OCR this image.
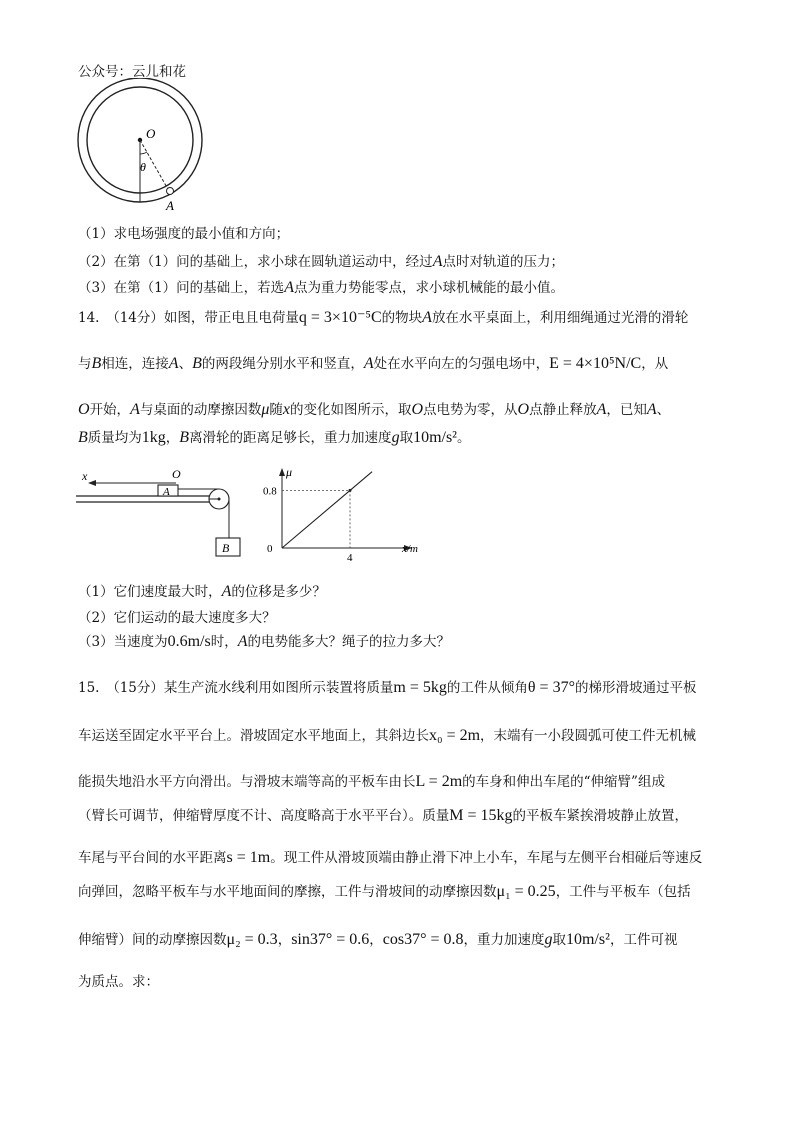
公众号：云儿和花
O
θ
A
（1）求电场强度的最小值和方向；
（2）在第（1）问的基础上，求小球在圆轨道运动中，经过A点时对轨道的压力；
（3）在第（1）问的基础上，若选A点为重力势能零点，求小球机械能的最小值。
14.　（14分）如图，带正电且电荷量q = 3×10⁻⁵C的物块A放在水平桌面上，利用细绳通过光滑的滑轮
与B相连，连接A、B的两段绳分别水平和竖直，A处在水平向左的匀强电场中，E = 4×10⁵N/C，从
O开始，A与桌面的动摩擦因数μ随x的变化如图所示，取O点电势为零，从O点静止释放A，已知A、
B质量均为1kg，B离滑轮的距离足够长，重力加速度g取10m/s²。
x	O
A
B
μ
x/m
0
0.8
4
（1）它们速度最大时，A的位移是多少？
（2）它们运动的最大速度多大？
（3）当速度为0.6m/s时，A的电势能多大？绳子的拉力多大？
15.　（15分）某生产流水线利用如图所示装置将质量m = 5kg的工件从倾角θ = 37°的梯形滑坡通过平板
车运送至固定水平平台上。滑坡固定水平地面上，其斜边长x₀ = 2m，末端有一小段圆弧可使工件无机械
能损失地沿水平方向滑出。与滑坡末端等高的平板车由长L = 2m的车身和伸出车尾的“伸缩臂”组成
（臂长可调节，伸缩臂厚度不计、高度略高于水平平台）。质量M = 15kg的平板车紧挨滑坡静止放置，
车尾与平台间的水平距离s = 1m。现工件从滑坡顶端由静止滑下冲上小车，车尾与左侧平台相碰后等速反
向弹回，忽略平板车与水平地面间的摩擦，工件与滑坡间的动摩擦因数μ₁ = 0.25，工件与平板车（包括
伸缩臂）间的动摩擦因数μ₂ = 0.3，sin37° = 0.6，cos37° = 0.8，重力加速度g取10m/s²，工件可视
为质点。求：
